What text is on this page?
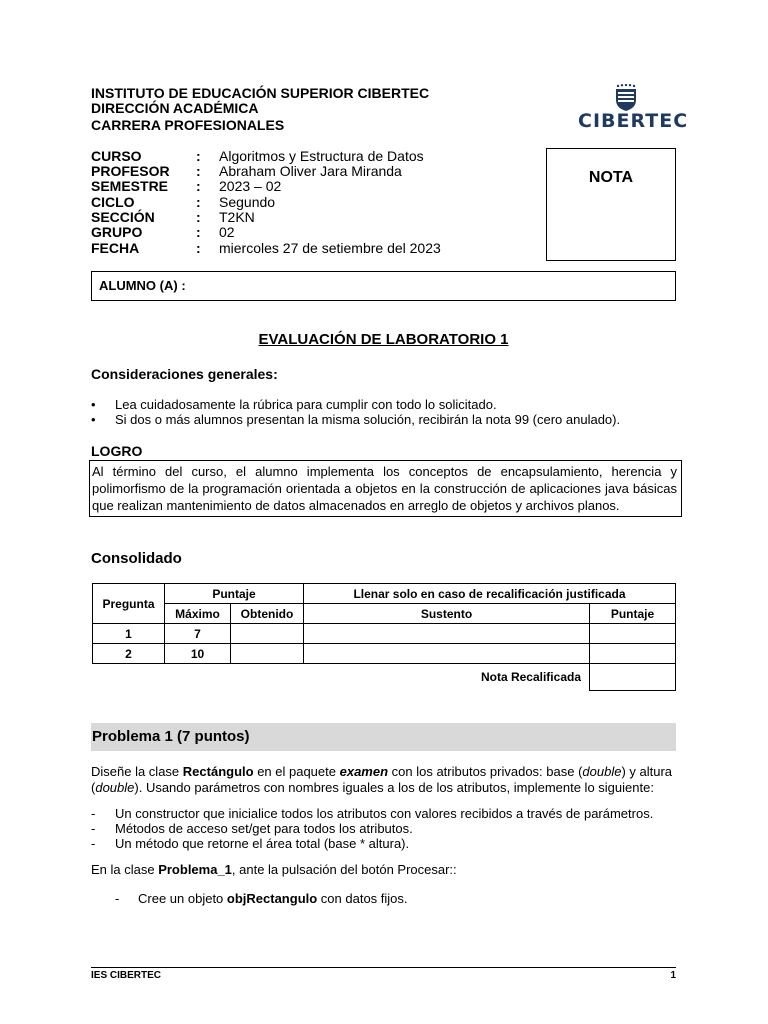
INSTITUTO DE EDUCACIÓN SUPERIOR CIBERTEC
DIRECCIÓN ACADÉMICA
CARRERA PROFESIONALES	CIBERTEC
CURSO	: Algoritmos y Estructura de Datos
PROFESOR : Abraham Oliver Jara Miranda
SEMESTRE : 2023 – 02
CICLO	: Segundo
SECCIÓN	: T2KN
GRUPO	: 02
FECHA	: miercoles 27 de setiembre del 2023
NOTA
ALUMNO (A) :
EVALUACIÓN DE LABORATORIO 1
Consideraciones generales:
• Lea cuidadosamente la rúbrica para cumplir con todo lo solicitado.
• Si dos o más alumnos presentan la misma solución, recibirán la nota 99 (cero anulado).
LOGRO
Al término del curso, el alumno implementa los conceptos de encapsulamiento, herencia y polimorfismo de la programación orientada a objetos en la construcción de aplicaciones java básicas que realizan mantenimiento de datos almacenados en arreglo de objetos y archivos planos.
Consolidado
Pregunta	Puntaje		Llenar solo en caso de recalificación justificada	
	Máximo	Obtenido	Sustento	Puntaje
1	7			
2	10			
Nota Recalificada				
Problema 1 (7 puntos)
Diseñe la clase Rectángulo en el paquete examen con los atributos privados: base (double) y altura (double). Usando parámetros con nombres iguales a los de los atributos, implemente lo siguiente:
- Un constructor que inicialice todos los atributos con valores recibidos a través de parámetros.
- Métodos de acceso set/get para todos los atributos.
- Un método que retorne el área total (base * altura).
En la clase Problema_1, ante la pulsación del botón Procesar::
- Cree un objeto objRectangulo con datos fijos.
IES CIBERTEC	1
